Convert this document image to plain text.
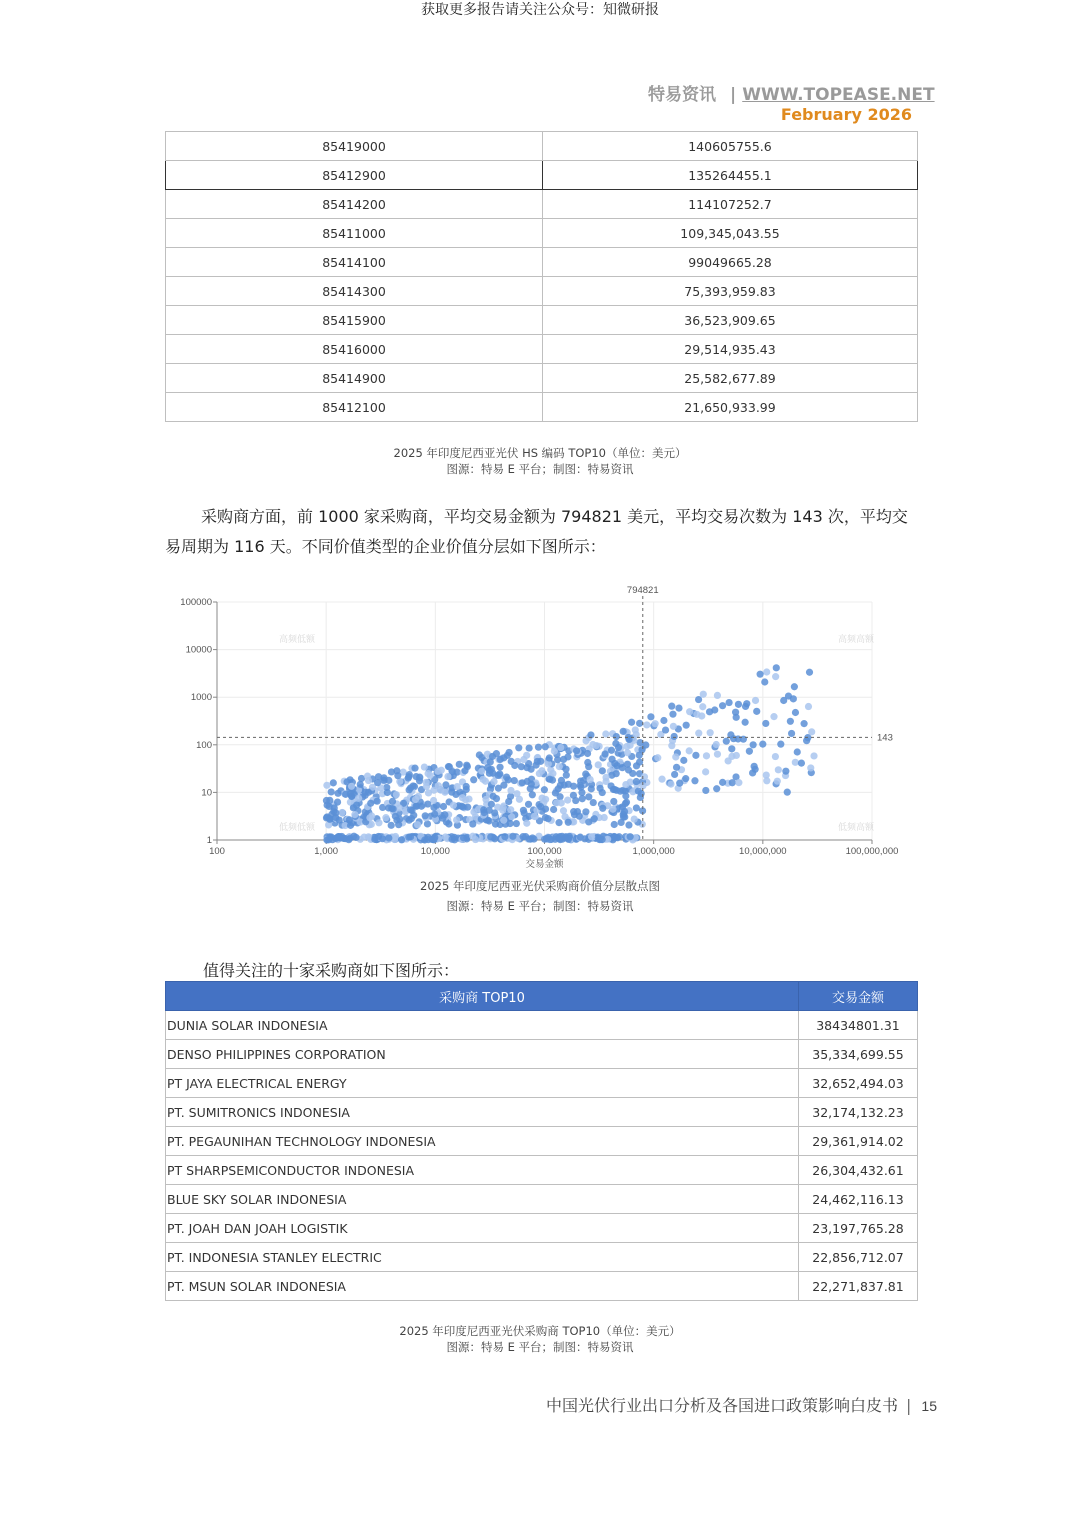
获取更多报告请关注公众号：知微研报
特易资讯 | WWW.TOPEASE.NET
February 2026
85419000	140605755.6
85412900	135264455.1
85414200	114107252.7
85411000	109,345,043.55
85414100	99049665.28
85414300	75,393,959.83
85415900	36,523,909.65
85416000	29,514,935.43
85414900	25,582,677.89
85412100	21,650,933.99
2025 年印度尼西亚光伏 HS 编码 TOP10（单位：美元）
图源：特易 E 平台；制图：特易资讯
采购商方面，前 1000 家采购商，平均交易金额为 794821 美元，平均交易次数为 143 次，平均交易周期为 116 天。不同价值类型的企业价值分层如下图所示：
100	1,000	10,000	100,000	1,000,000	10,000,000	100,000,000
1
10
100
1000
10000
100000
交易金额
高频低额	高频高额
低频低额	低频高额
794821
143
2025 年印度尼西亚光伏采购商价值分层散点图
图源：特易 E 平台；制图：特易资讯
值得关注的十家采购商如下图所示：
采购商 TOP10	交易金额
DUNIA SOLAR INDONESIA	38434801.31
DENSO PHILIPPINES CORPORATION	35,334,699.55
PT JAYA ELECTRICAL ENERGY	32,652,494.03
PT. SUMITRONICS INDONESIA	32,174,132.23
PT. PEGAUNIHAN TECHNOLOGY INDONESIA	29,361,914.02
PT SHARPSEMICONDUCTOR INDONESIA	26,304,432.61
BLUE SKY SOLAR INDONESIA	24,462,116.13
PT. JOAH DAN JOAH LOGISTIK	23,197,765.28
PT. INDONESIA STANLEY ELECTRIC	22,856,712.07
PT. MSUN SOLAR INDONESIA	22,271,837.81
2025 年印度尼西亚光伏采购商 TOP10（单位：美元）
图源：特易 E 平台；制图：特易资讯
中国光伏行业出口分析及各国进口政策影响白皮书 | 15
